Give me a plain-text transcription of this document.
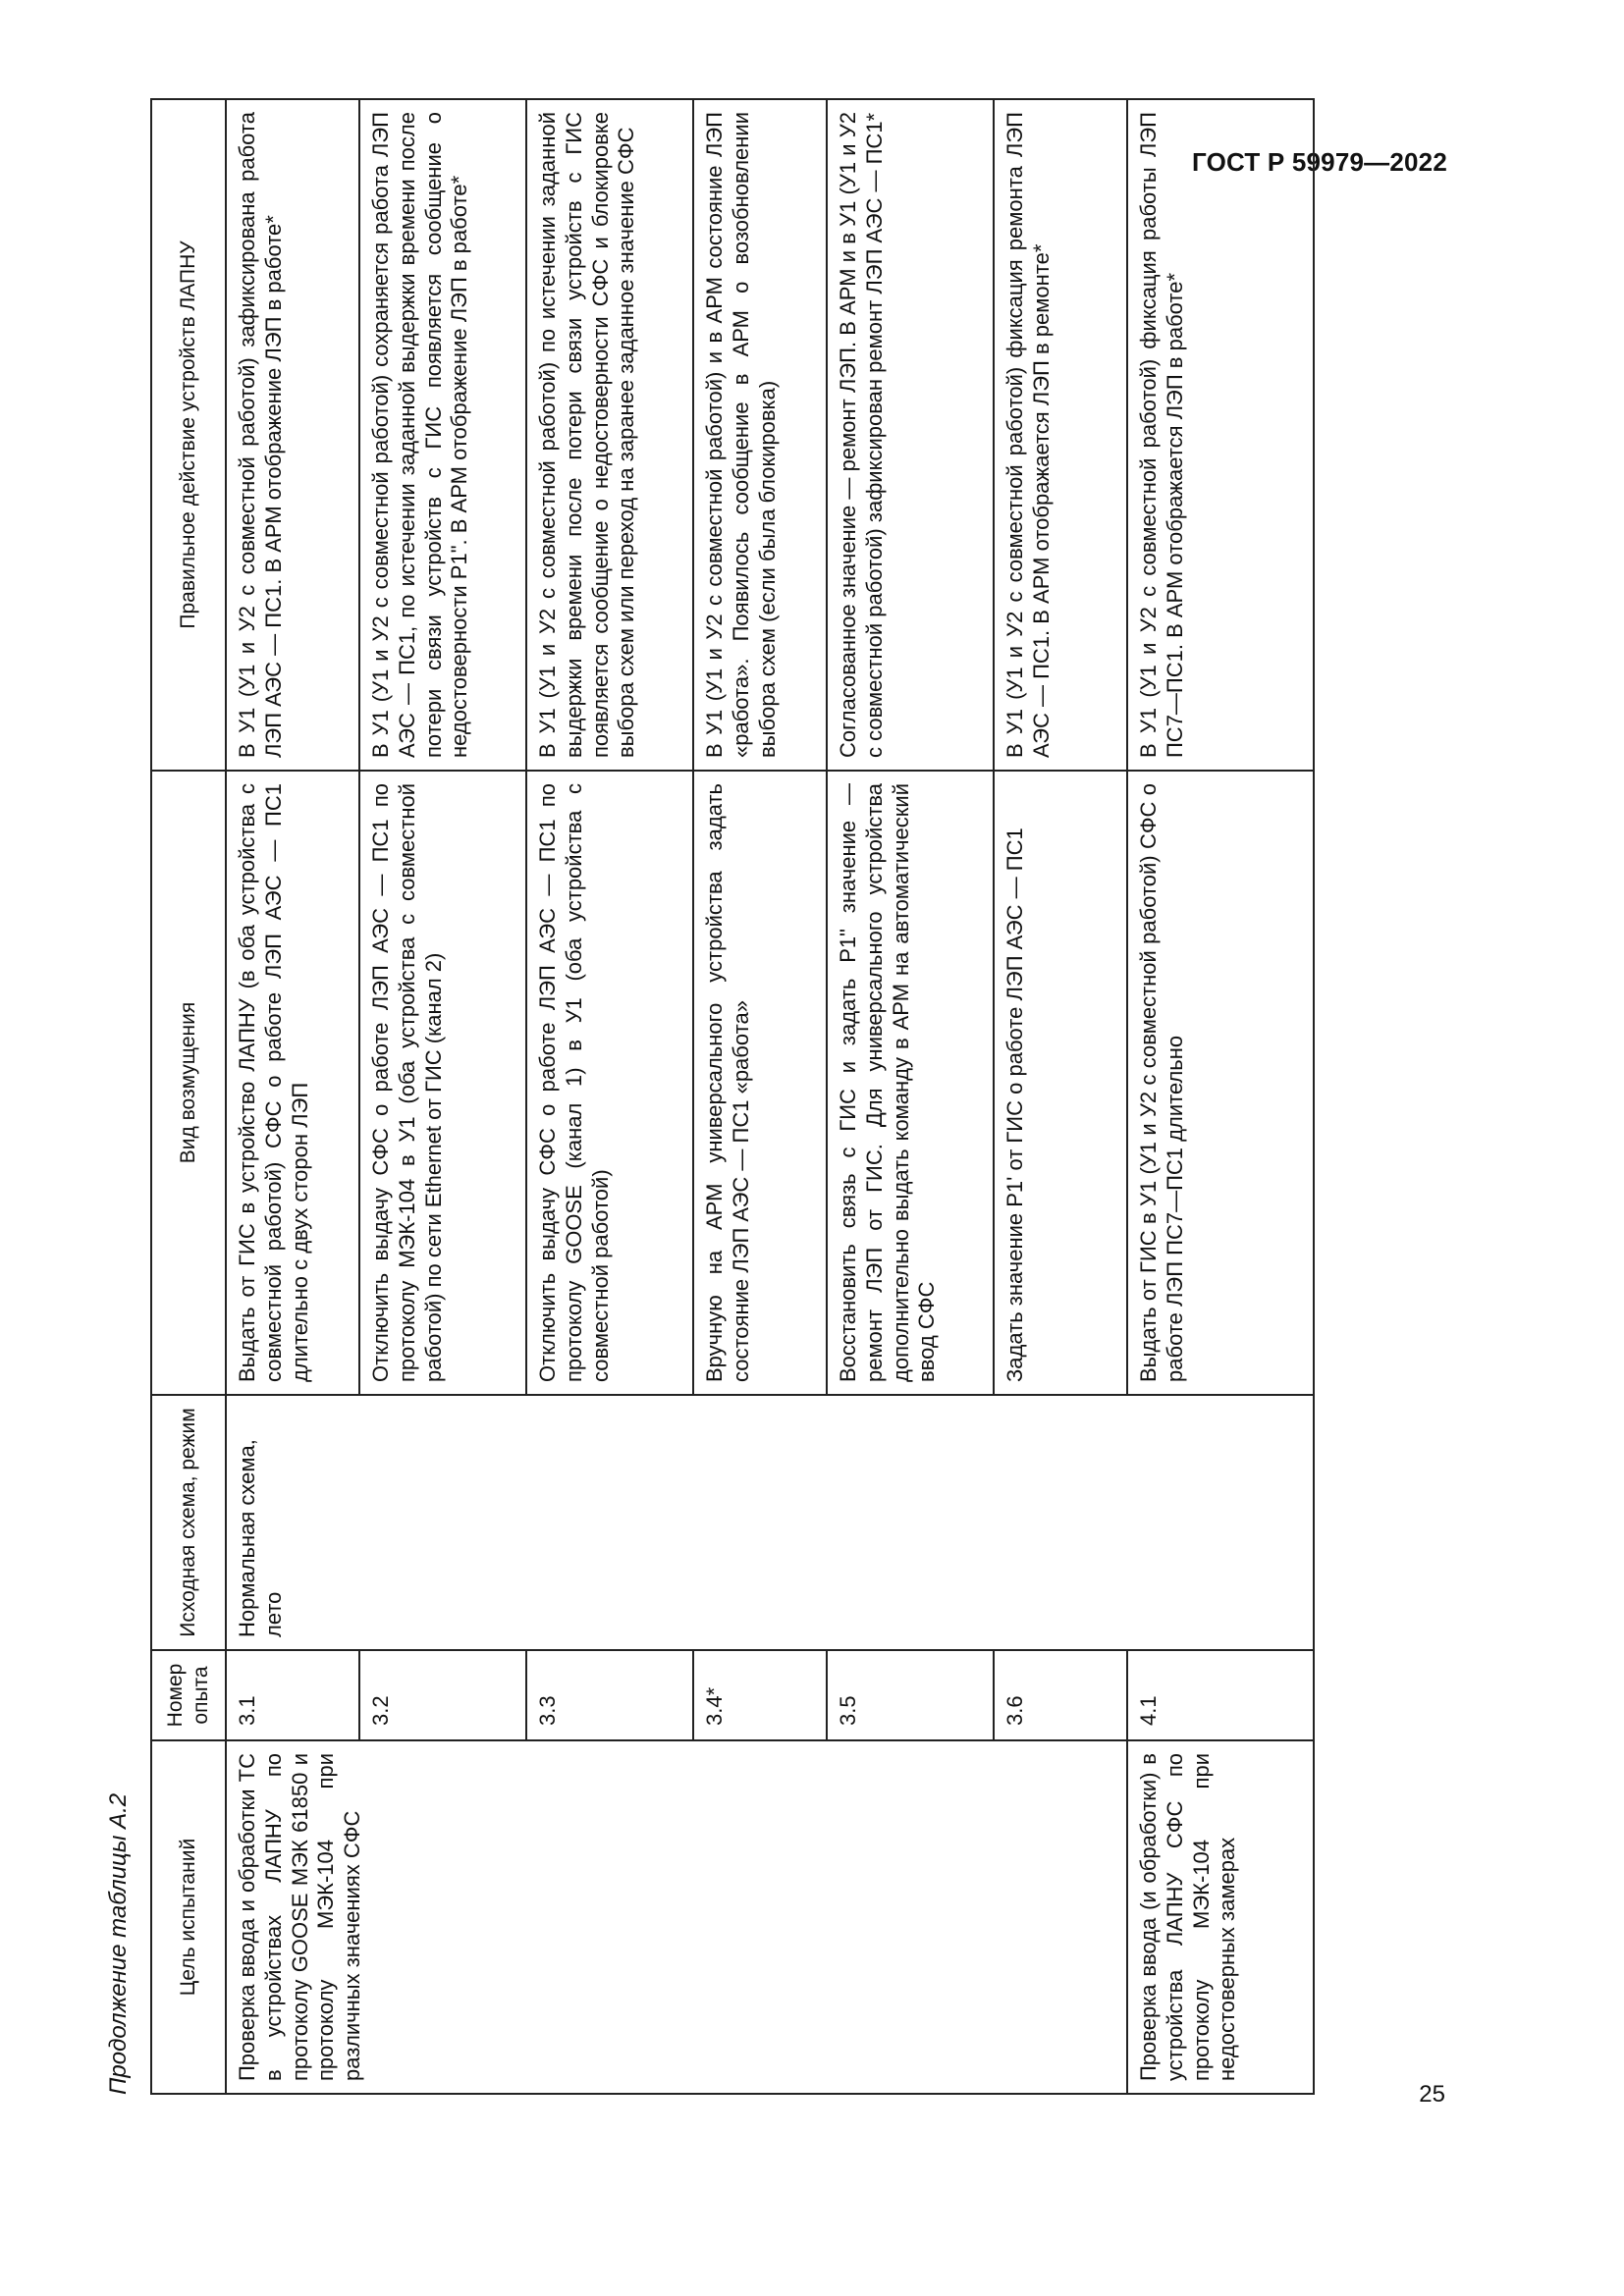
ГОСТ Р 59979—2022
Продолжение таблицы А.2 Цель испытаний	Номер опыта	Исходная схема, режим	Вид возмущения	Правильное действие устройств ЛАПНУ
Проверка ввода и обработки ТС в устройствах ЛАПНУ по протоколу GOOSE МЭК 61850 и протоколу МЭК-104 при различных значениях СФС	3.1	Нормальная схема, лето	Выдать от ГИС в устройство ЛАПНУ (в оба устройства с совместной работой) СФС о работе ЛЭП АЭС — ПС1 длительно с двух сторон ЛЭП	В У1 (У1 и У2 с совместной работой) зафиксирована работа ЛЭП АЭС — ПС1. В АРМ отображение ЛЭП в работе*
	3.2		Отключить выдачу СФС о работе ЛЭП АЭС — ПС1 по протоколу МЭК-104 в У1 (оба устройства с совместной работой) по сети Ethernet от ГИС (канал 2)	В У1 (У1 и У2 с совместной работой) сохраняется работа ЛЭП АЭС — ПС1, по истечении заданной выдержки времени после потери связи устройств с ГИС появляется сообщение о недостоверности Р1". В АРМ отображение ЛЭП в работе*
	3.3		Отключить выдачу СФС о работе ЛЭП АЭС — ПС1 по протоколу GOOSE (канал 1) в У1 (оба устройства с совместной работой)	В У1 (У1 и У2 с совместной работой) по истечении заданной выдержки времени после потери связи устройств с ГИС появляется сообщение о недостоверности СФС и блокировке выбора схем или переход на заранее заданное значение СФС
	3.4*		Вручную на АРМ универсального устройства задать состояние ЛЭП АЭС — ПС1 «работа»	В У1 (У1 и У2 с совместной работой) и в АРМ состояние ЛЭП «работа». Появилось сообщение в АРМ о возобновлении выбора схем (если была блокировка)
	3.5		Восстановить связь с ГИС и задать Р1" значение — ремонт ЛЭП от ГИС. Для универсального устройства дополнительно выдать команду в АРМ на автоматический ввод СФС	Согласованное значение — ремонт ЛЭП. В АРМ и в У1 (У1 и У2 с совместной работой) зафиксирован ремонт ЛЭП АЭС — ПС1*
	3.6		Задать значение Р1' от ГИС о работе ЛЭП АЭС — ПС1	В У1 (У1 и У2 с совместной работой) фиксация ремонта ЛЭП АЭС — ПС1. В АРМ отображается ЛЭП в ремонте*
Проверка ввода (и обработки) в устройства ЛАПНУ СФС по протоколу МЭК-104 при недостоверных замерах	4.1		Выдать от ГИС в У1 (У1 и У2 с совместной работой) СФС о работе ЛЭП ПС7—ПС1 длительно	В У1 (У1 и У2 с совместной работой) фиксация работы ЛЭП ПС7—ПС1. В АРМ отображается ЛЭП в работе*
25
